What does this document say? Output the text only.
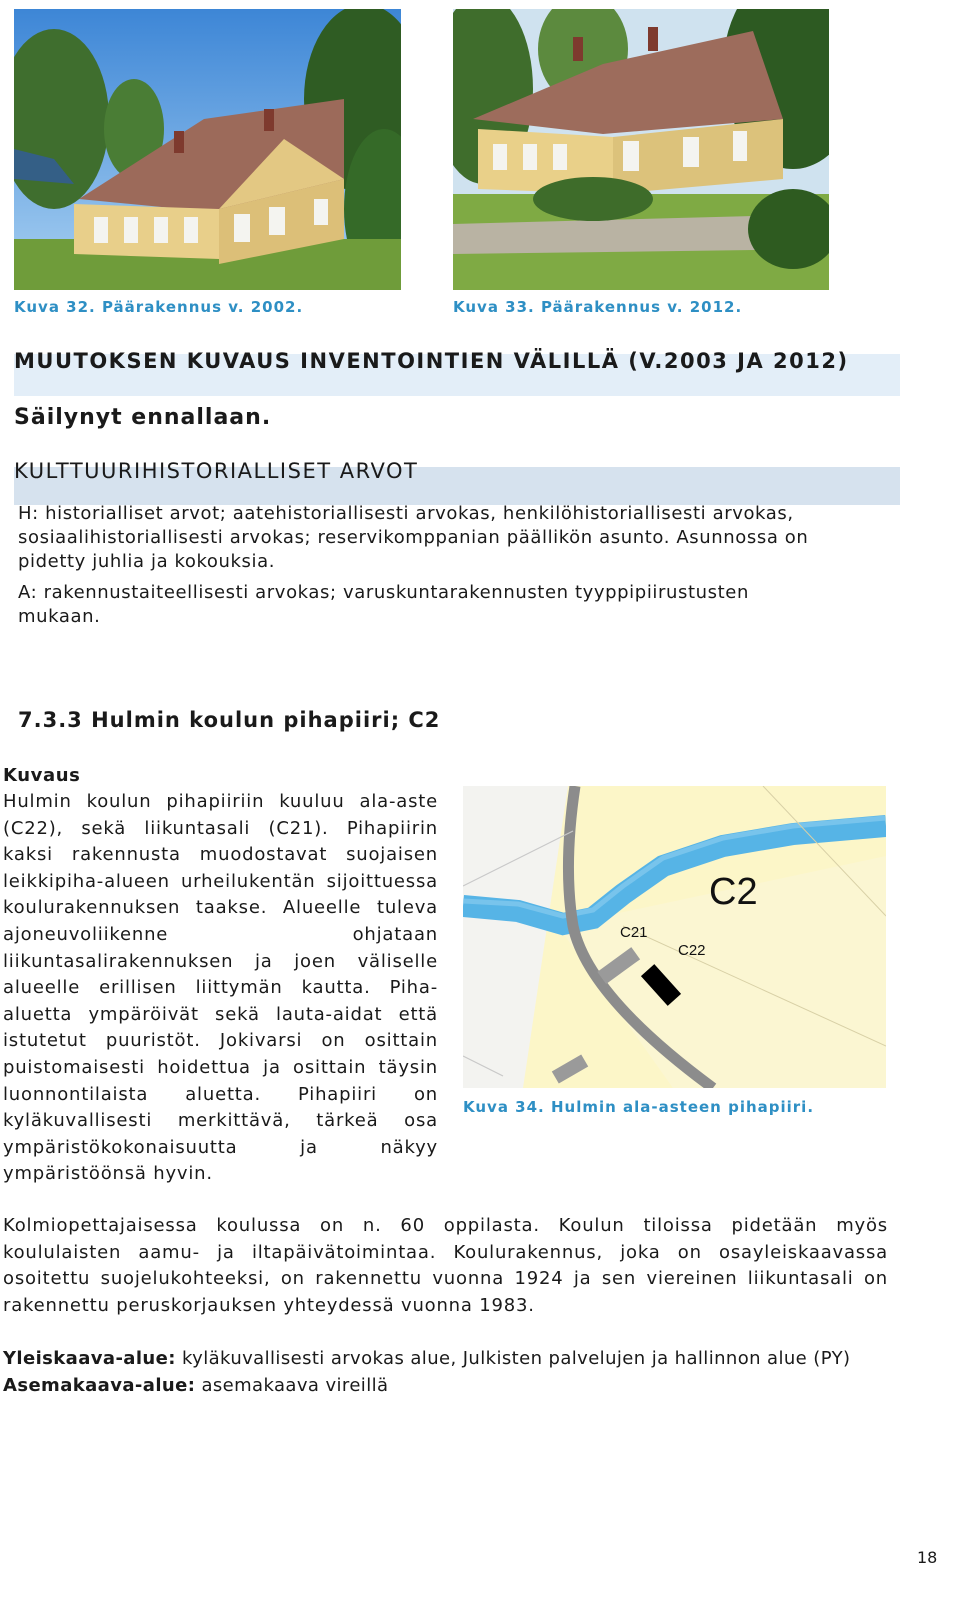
Kuva 32. Päärakennus v. 2002.	Kuva 33. Päärakennus v. 2012.
MUUTOKSEN KUVAUS INVENTOINTIEN VÄLILLÄ (V.2003 JA 2012)
Säilynyt ennallaan.
KULTTUURIHISTORIALLISET ARVOT
H: historialliset arvot; aatehistoriallisesti arvokas, henkilöhistoriallisesti arvokas, sosiaalihistoriallisesti arvokas; reservikomppanian päällikön asunto. Asunnossa on pidetty juhlia ja kokouksia.
A: rakennustaiteellisesti arvokas; varuskuntarakennusten tyyppipiirustusten mukaan.
7.3.3 Hulmin koulun pihapiiri; C2
Kuvaus
Hulmin koulun pihapiiriin kuuluu ala-aste (C22), sekä liikuntasali (C21). Pihapiirin kaksi rakennusta muodostavat suojaisen leikkipiha-alueen urheilukentän sijoittuessa koulurakennuksen taakse. Alueelle tuleva ajoneuvoliikenne ohjataan liikuntasalirakennuksen ja joen väliselle alueelle erillisen liittymän kautta. Piha-aluetta ympäröivät sekä lauta-aidat että istutetut puuristöt. Jokivarsi on osittain puistomaisesti hoidettua ja osittain täysin luonnontilaista aluetta. Pihapiiri on kyläkuvallisesti merkittävä, tärkeä osa ympäristökokonaisuutta ja näkyy ympäristöönsä hyvin.
C2
C21
C22
Kuva 34. Hulmin ala-asteen pihapiiri.
Kolmiopettajaisessa koulussa on n. 60 oppilasta. Koulun tiloissa pidetään myös koululaisten aamu- ja iltapäivätoimintaa. Koulurakennus, joka on osayleiskaavassa osoitettu suojelukohteeksi, on rakennettu vuonna 1924 ja sen viereinen liikuntasali on rakennettu peruskorjauksen yhteydessä vuonna 1983.
Yleiskaava-alue: kyläkuvallisesti arvokas alue, Julkisten palvelujen ja hallinnon alue (PY)
Asemakaava-alue: asemakaava vireillä
18
